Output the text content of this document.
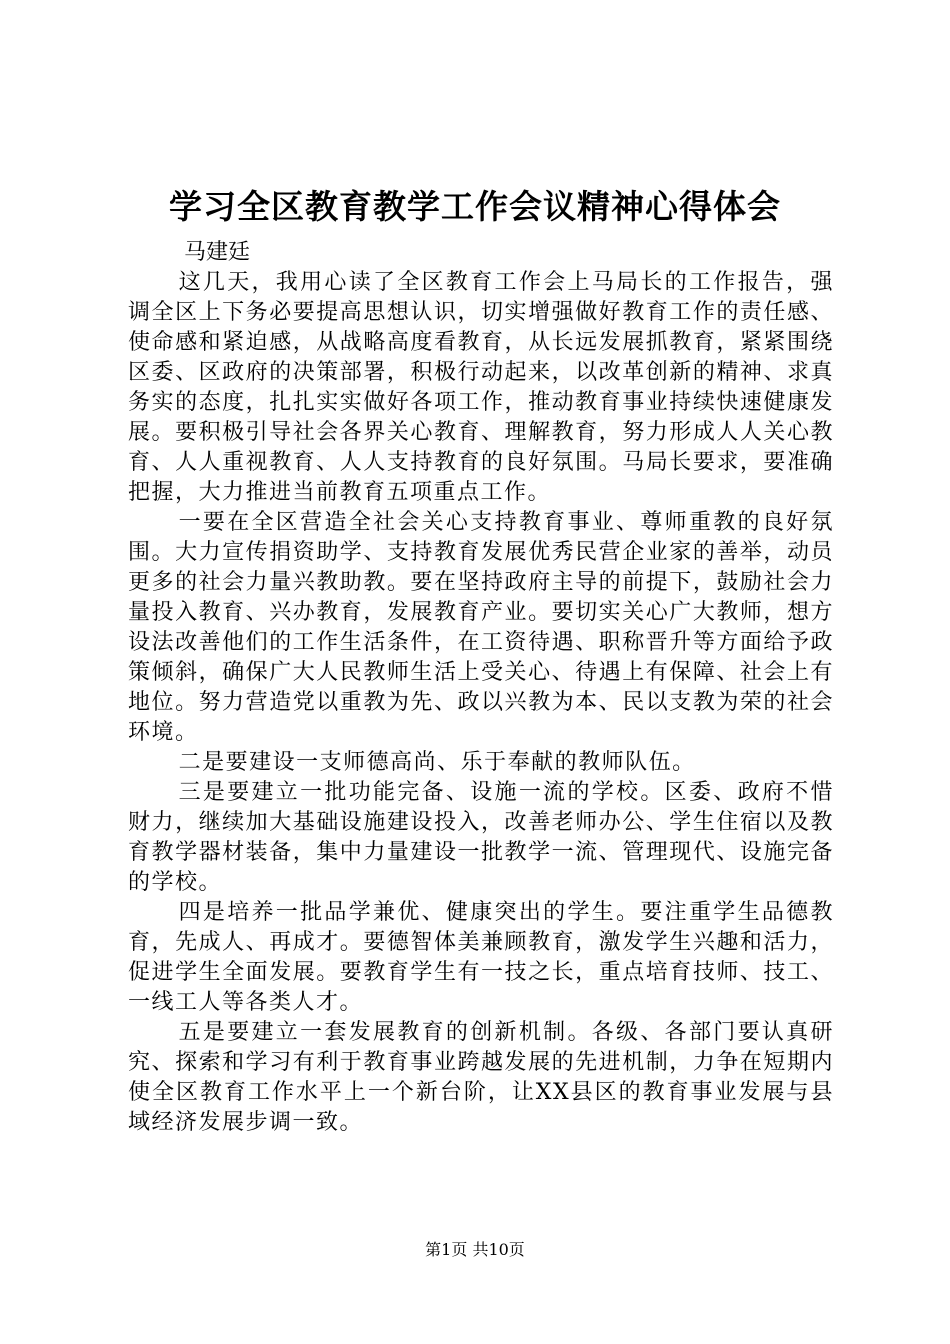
学习全区教育教学工作会议精神心得体会
马建廷

这几天，我用心读了全区教育工作会上马局长的工作报告，强调全区上下务必要提高思想认识，切实增强做好教育工作的责任感、使命感和紧迫感，从战略高度看教育，从长远发展抓教育，紧紧围绕区委、区政府的决策部署，积极行动起来，以改革创新的精神、求真务实的态度，扎扎实实做好各项工作，推动教育事业持续快速健康发展。要积极引导社会各界关心教育、理解教育，努力形成人人关心教育、人人重视教育、人人支持教育的良好氛围。马局长要求，要准确把握，大力推进当前教育五项重点工作。

一要在全区营造全社会关心支持教育事业、尊师重教的良好氛围。大力宣传捐资助学、支持教育发展优秀民营企业家的善举，动员更多的社会力量兴教助教。要在坚持政府主导的前提下，鼓励社会力量投入教育、兴办教育，发展教育产业。要切实关心广大教师，想方设法改善他们的工作生活条件，在工资待遇、职称晋升等方面给予政策倾斜，确保广大人民教师生活上受关心、待遇上有保障、社会上有地位。努力营造党以重教为先、政以兴教为本、民以支教为荣的社会环境。

二是要建设一支师德高尚、乐于奉献的教师队伍。

三是要建立一批功能完备、设施一流的学校。区委、政府不惜财力，继续加大基础设施建设投入，改善老师办公、学生住宿以及教育教学器材装备，集中力量建设一批教学一流、管理现代、设施完备的学校。

四是培养一批品学兼优、健康突出的学生。要注重学生品德教育，先成人、再成才。要德智体美兼顾教育，激发学生兴趣和活力，促进学生全面发展。要教育学生有一技之长，重点培育技师、技工、一线工人等各类人才。

五是要建立一套发展教育的创新机制。各级、各部门要认真研究、探索和学习有利于教育事业跨越发展的先进机制，力争在短期内使全区教育工作水平上一个新台阶，让XX县区的教育事业发展与县域经济发展步调一致。

第1页 共10页
